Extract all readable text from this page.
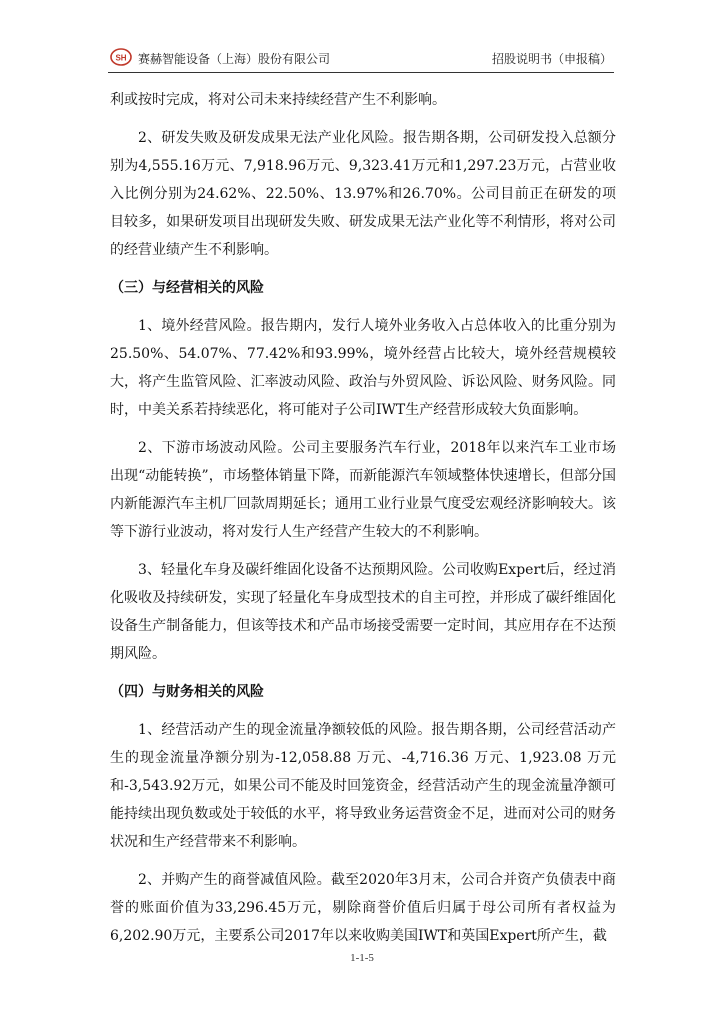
SH 赛赫智能设备（上海）股份有限公司	招股说明书（申报稿）

利或按时完成，将对公司未来持续经营产生不利影响。

2、研发失败及研发成果无法产业化风险。报告期各期，公司研发投入总额分别为4,555.16万元、7,918.96万元、9,323.41万元和1,297.23万元，占营业收入比例分别为24.62%、22.50%、13.97%和26.70%。公司目前正在研发的项目较多，如果研发项目出现研发失败、研发成果无法产业化等不利情形，将对公司的经营业绩产生不利影响。

（三）与经营相关的风险

1、境外经营风险。报告期内，发行人境外业务收入占总体收入的比重分别为25.50%、54.07%、77.42%和93.99%，境外经营占比较大，境外经营规模较大，将产生监管风险、汇率波动风险、政治与外贸风险、诉讼风险、财务风险。同时，中美关系若持续恶化，将可能对子公司IWT生产经营形成较大负面影响。

2、下游市场波动风险。公司主要服务汽车行业，2018年以来汽车工业市场出现“动能转换”，市场整体销量下降，而新能源汽车领域整体快速增长，但部分国内新能源汽车主机厂回款周期延长；通用工业行业景气度受宏观经济影响较大。该等下游行业波动，将对发行人生产经营产生较大的不利影响。

3、轻量化车身及碳纤维固化设备不达预期风险。公司收购Expert后，经过消化吸收及持续研发，实现了轻量化车身成型技术的自主可控，并形成了碳纤维固化设备生产制备能力，但该等技术和产品市场接受需要一定时间，其应用存在不达预期风险。

（四）与财务相关的风险

1、经营活动产生的现金流量净额较低的风险。报告期各期，公司经营活动产生的现金流量净额分别为-12,058.88 万元、-4,716.36 万元、1,923.08 万元和-3,543.92万元，如果公司不能及时回笼资金，经营活动产生的现金流量净额可能持续出现负数或处于较低的水平，将导致业务运营资金不足，进而对公司的财务状况和生产经营带来不利影响。

2、并购产生的商誉减值风险。截至2020年3月末，公司合并资产负债表中商誉的账面价值为33,296.45万元，剔除商誉价值后归属于母公司所有者权益为6,202.90万元，主要系公司2017年以来收购美国IWT和英国Expert所产生，截

1-1-5
